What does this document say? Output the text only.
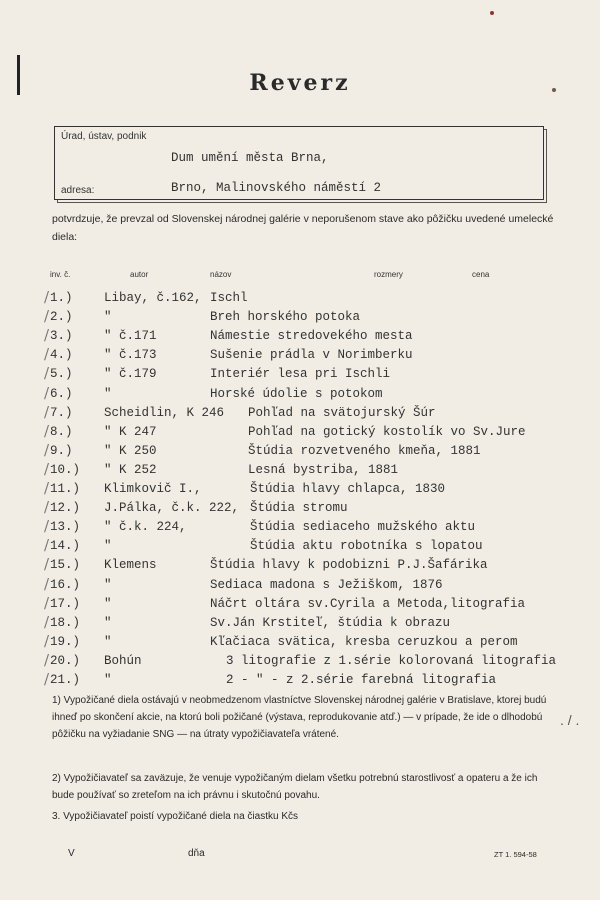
Reverz
Úrad, ústav, podnik
Dum umění města Brna,
adresa:	Brno, Malinovského náměstí 2
potvrdzuje, že prevzal od Slovenskej národnej galérie v neporušenom stave ako pôžičku uvedené umelecké diela:
inv. č.	autor	názov	rozmery	cena
/ 1.)	Libay, č.162, Ischl
/ 2.)	"	Breh horského potoka
/ 3.)	" č.171	Námestie stredovekého mesta
/ 4.)	" č.173	Sušenie prádla v Norimberku
/ 5.)	" č.179	Interiér lesa pri Ischli
/ 6.)	"	Horské údolie s potokom
/ 7.)	Scheidlin, K 246 Pohľad na svätojurský Šúr
/ 8.)	" K 247	Pohľad na gotický kostolík vo Sv.Jure
/ 9.)	" K 250	Štúdia rozvetveného kmeňa, 1881
/ 10.) " K 252	Lesná bystriba, 1881
/ 11.) Klimkovič I.,	Štúdia hlavy chlapca, 1830
/ 12.) J.Pálka, č.k. 222, Štúdia stromu
/ 13.) " č.k. 224,	Štúdia sediaceho mužského aktu
/ 14.) "	Štúdia aktu robotníka s lopatou
/ 15.) Klemens	Štúdia hlavy k podobizni P.J.Šafárika
/ 16.) "	Sediaca madona s Ježiškom, 1876
/ 17.) "	Náčrt oltára sv.Cyrila a Metoda,litografia
/ 18.) "	Sv.Ján Krstiteľ, štúdia k obrazu
/ 19.) "	Kľačiaca svätica, kresba ceruzkou a perom
/ 20.) Bohún	3 litografie z 1.série kolorovaná litografia
/ 21.) "	2 - " - z 2.série farebná litografia

1) Vypožičané diela ostávajú v neobmedzenom vlastníctve Slovenskej národnej galérie v Bratislave, ktorej budú ihneď po skončení akcie, na ktorú boli požičané (výstava, reprodukovanie atď.) — v prípade, že ide o dlhodobú pôžičku na vyžiadanie SNG — na útraty vypožičiavateľa vrátené.

2) Vypožičiavateľ sa zaväzuje, že venuje vypožičaným dielam všetku potrebnú starostlivosť a opateru a že ich bude používať so zreteľom na ich právnu i skutočnú povahu.

3. Vypožičiavateľ poistí vypožičané diela na čiastku Kčs

. / .
V	dňa	ZT 1. 594-58
